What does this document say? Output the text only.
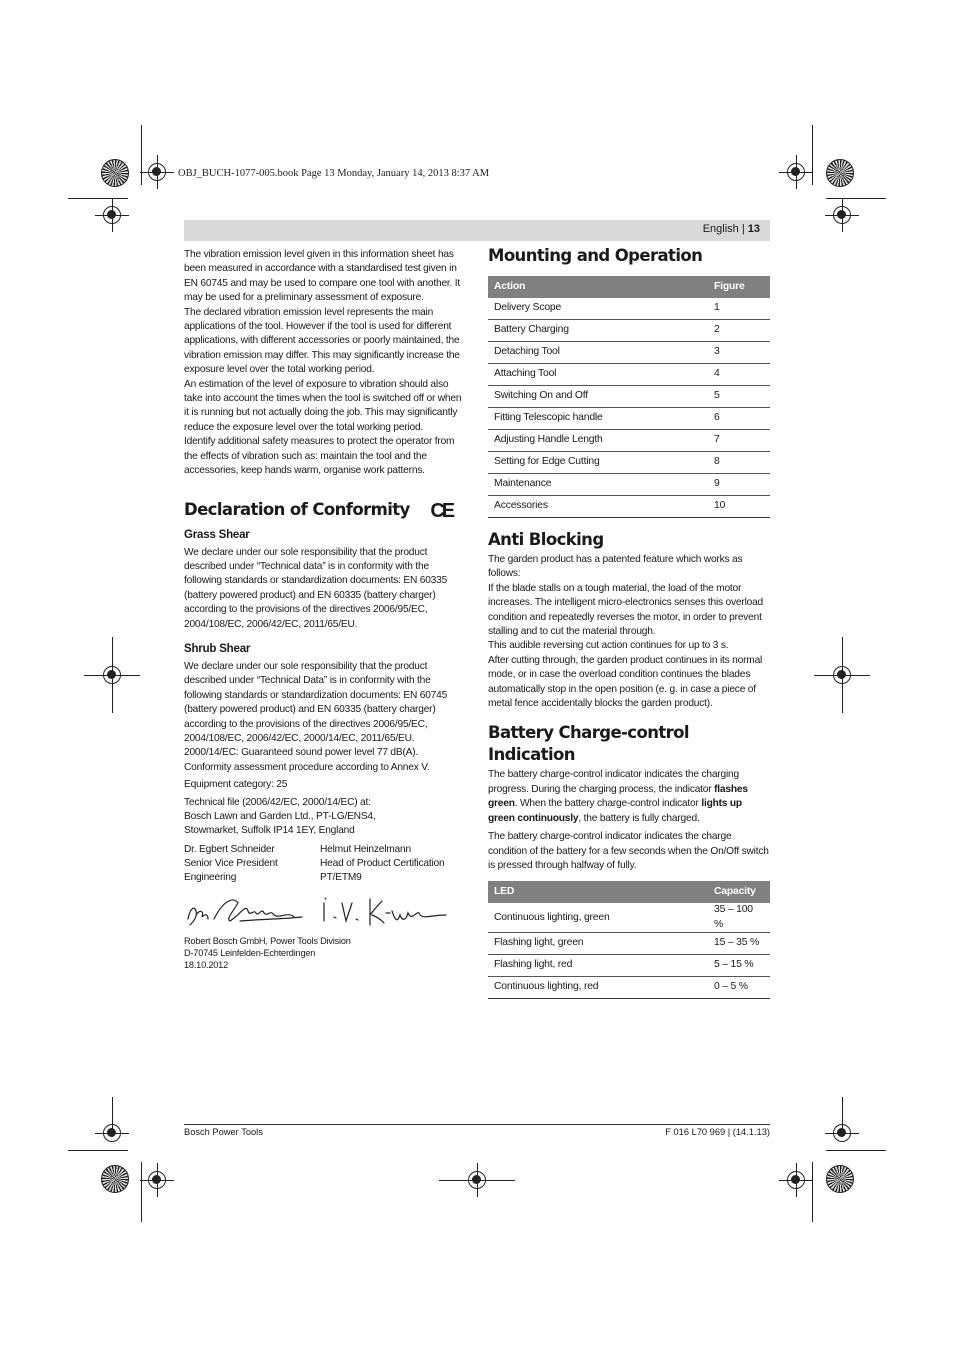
OBJ_BUCH-1077-005.book Page 13 Monday, January 14, 2013 8:37 AM
English | 13

The vibration emission level given in this information sheet has been measured in accordance with a standardised test given in EN 60745 and may be used to compare one tool with another. It may be used for a preliminary assessment of exposure.

The declared vibration emission level represents the main applications of the tool. However if the tool is used for different applications, with different accessories or poorly maintained, the vibration emission may differ. This may significantly increase the exposure level over the total working period.

An estimation of the level of exposure to vibration should also take into account the times when the tool is switched off or when it is running but not actually doing the job. This may significantly reduce the exposure level over the total working period.

Identify additional safety measures to protect the operator from the effects of vibration such as: maintain the tool and the accessories, keep hands warm, organise work patterns.

Declaration of Conformity CE
Grass Shear

We declare under our sole responsibility that the product described under “Technical data” is in conformity with the following standards or standardization documents: EN 60335 (battery powered product) and EN 60335 (battery charger) according to the provisions of the directives 2006/95/EC, 2004/108/EC, 2006/42/EC, 2011/65/EU.

Shrub Shear

We declare under our sole responsibility that the product described under “Technical Data” is in conformity with the following standards or standardization documents: EN 60745 (battery powered product) and EN 60335 (battery charger) according to the provisions of the directives 2006/95/EC, 2004/108/EC, 2006/42/EC, 2000/14/EC, 2011/65/EU. 2000/14/EC: Guaranteed sound power level 77 dB(A). Conformity assessment procedure according to Annex V.

Equipment category: 25

Technical file (2006/42/EC, 2000/14/EC) at:

Bosch Lawn and Garden Ltd., PT-LG/ENS4,

Stowmarket, Suffolk IP14 1EY, England

Dr. Egbert Schneider
Senior Vice President
Engineering
Helmut Heinzelmann
Head of Product Certification
PT/ETM9
Robert Bosch GmbH, Power Tools Division
D-70745 Leinfelden-Echterdingen
18.10.2012
Mounting and Operation
Action	Figure
Delivery Scope	1
Battery Charging	2
Detaching Tool	3
Attaching Tool	4
Switching On and Off	5
Fitting Telescopic handle	6
Adjusting Handle Length	7
Setting for Edge Cutting	8
Maintenance	9
Accessories	10
Anti Blocking

The garden product has a patented feature which works as follows:

If the blade stalls on a tough material, the load of the motor increases. The intelligent micro-electronics senses this overload condition and repeatedly reverses the motor, in order to prevent stalling and to cut the material through.

This audible reversing cut action continues for up to 3 s.

After cutting through, the garden product continues in its normal mode, or in case the overload condition continues the blades automatically stop in the open position (e. g. in case a piece of metal fence accidentally blocks the garden product).

Battery Charge-control Indication

The battery charge-control indicator indicates the charging progress. During the charging process, the indicator flashes green. When the battery charge-control indicator lights up green continuously, the battery is fully charged.

The battery charge-control indicator indicates the charge condition of the battery for a few seconds when the On/Off switch is pressed through halfway of fully.

LED	Capacity
Continuous lighting, green	35 – 100 %
Flashing light, green	15 – 35 %
Flashing light, red	5 – 15 %
Continuous lighting, red	0 – 5 %
Bosch Power Tools	F 016 L70 969 | (14.1.13)
